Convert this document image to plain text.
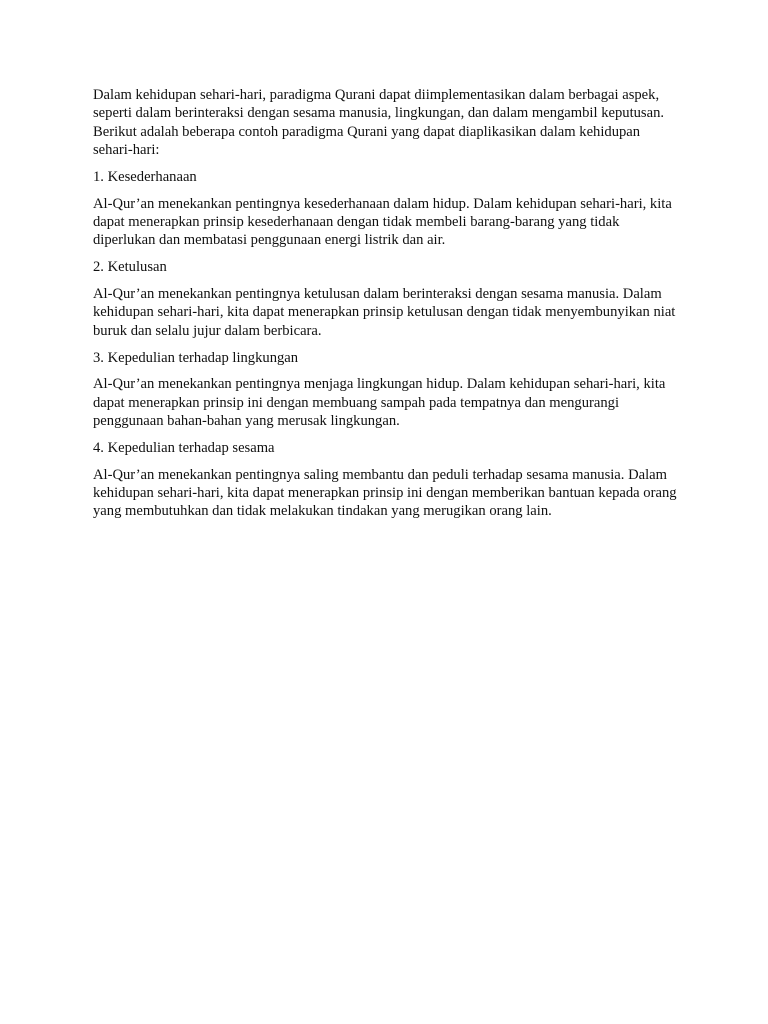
Dalam kehidupan sehari-hari, paradigma Qurani dapat diimplementasikan dalam berbagai aspek, seperti dalam berinteraksi dengan sesama manusia, lingkungan, dan dalam mengambil keputusan. Berikut adalah beberapa contoh paradigma Qurani yang dapat diaplikasikan dalam kehidupan sehari-hari:

1. Kesederhanaan

Al-Qur’an menekankan pentingnya kesederhanaan dalam hidup. Dalam kehidupan sehari-hari, kita dapat menerapkan prinsip kesederhanaan dengan tidak membeli barang-barang yang tidak diperlukan dan membatasi penggunaan energi listrik dan air.

2. Ketulusan

Al-Qur’an menekankan pentingnya ketulusan dalam berinteraksi dengan sesama manusia. Dalam kehidupan sehari-hari, kita dapat menerapkan prinsip ketulusan dengan tidak menyembunyikan niat buruk dan selalu jujur dalam berbicara.

3. Kepedulian terhadap lingkungan

Al-Qur’an menekankan pentingnya menjaga lingkungan hidup. Dalam kehidupan sehari-hari, kita dapat menerapkan prinsip ini dengan membuang sampah pada tempatnya dan mengurangi penggunaan bahan-bahan yang merusak lingkungan.

4. Kepedulian terhadap sesama

Al-Qur’an menekankan pentingnya saling membantu dan peduli terhadap sesama manusia. Dalam kehidupan sehari-hari, kita dapat menerapkan prinsip ini dengan memberikan bantuan kepada orang yang membutuhkan dan tidak melakukan tindakan yang merugikan orang lain.
